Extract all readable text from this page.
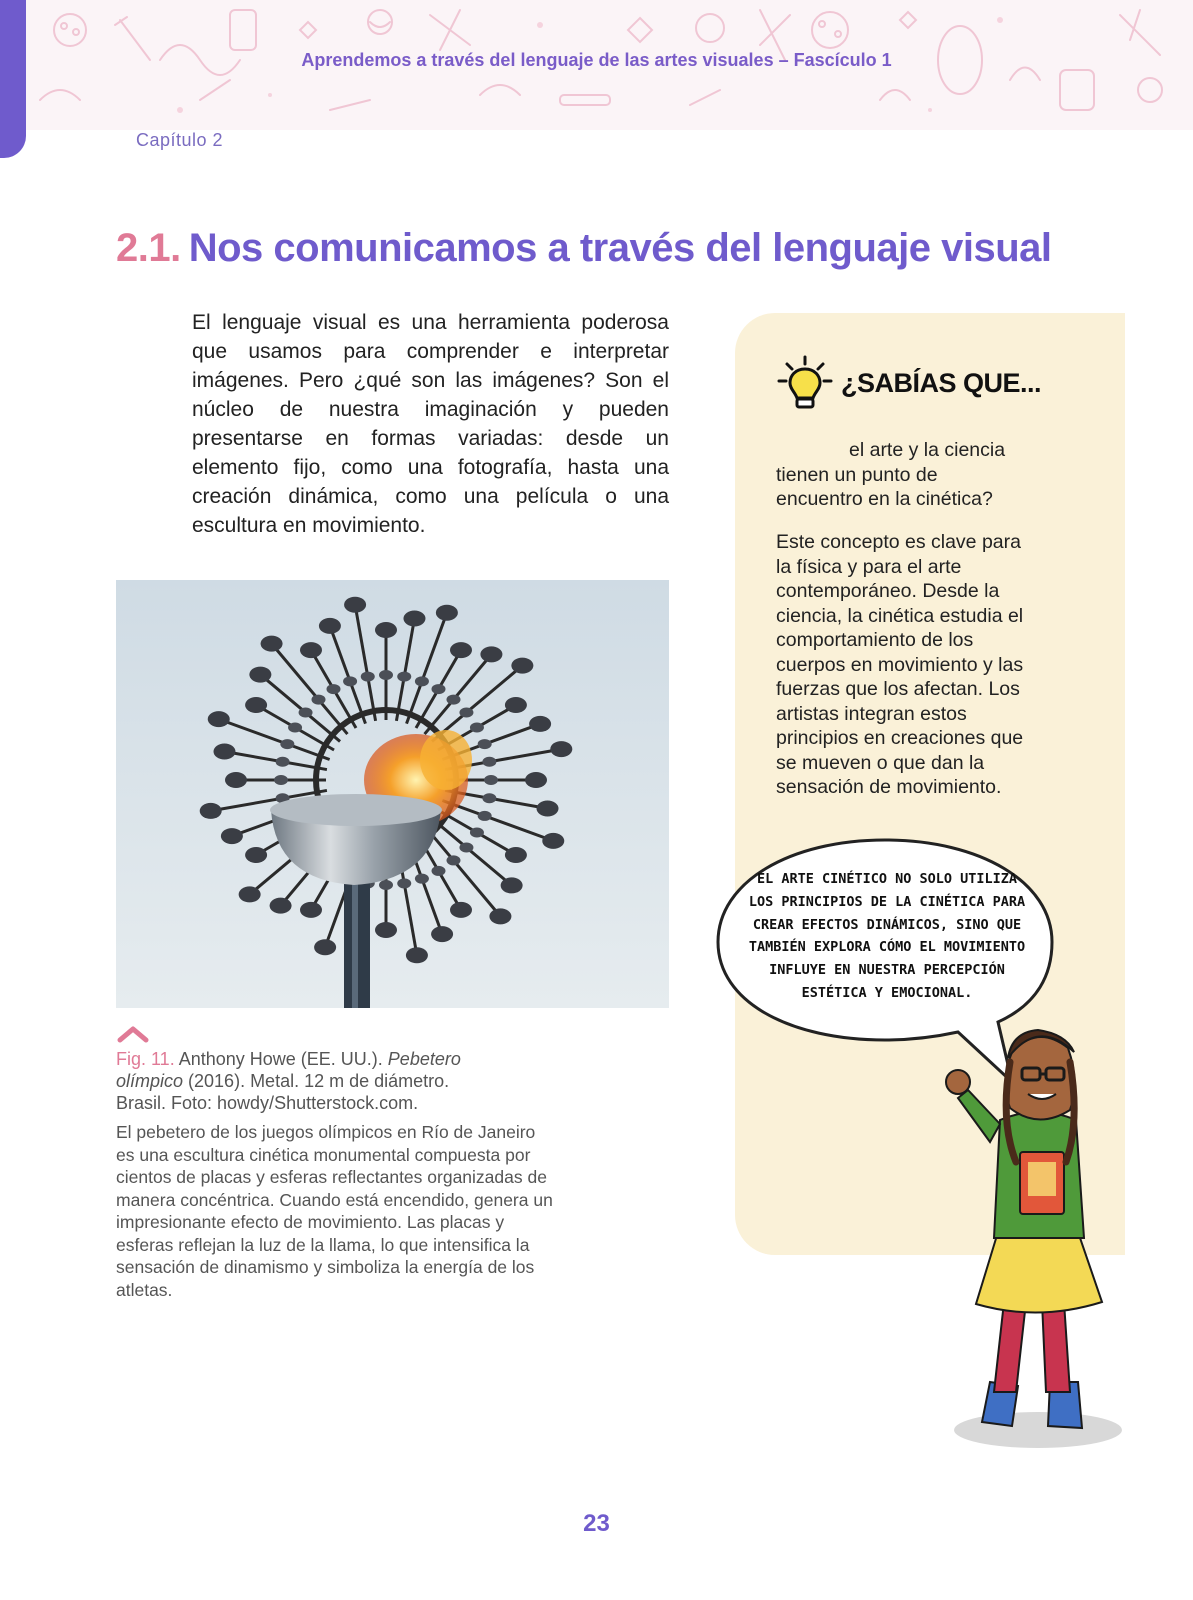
Aprendemos a través del lenguaje de las artes visuales – Fascículo 1
Capítulo 2
2.1. Nos comunicamos a través del lenguaje visual

El lenguaje visual es una herramienta poderosa que usamos para comprender e interpretar imágenes. Pero ¿qué son las imágenes? Son el núcleo de nuestra imaginación y pueden presentarse en formas variadas: desde un elemento fijo, como una fotografía, hasta una creación dinámica, como una película o una escultura en movimiento.

Fig. 11. Anthony Howe (EE. UU.). Pebetero olímpico (2016). Metal. 12 m de diámetro. Brasil. Foto: howdy/Shutterstock.com.

El pebetero de los juegos olímpicos en Río de Janeiro es una escultura cinética monumental compuesta por cientos de placas y esferas reflectantes organizadas de manera concéntrica. Cuando está encendido, genera un impresionante efecto de movimiento. Las placas y esferas reflejan la luz de la llama, lo que intensifica la sensación de dinamismo y simboliza la energía de los atletas.

¿SABÍAS QUE...

el arte y la ciencia tienen un punto de encuentro en la cinética?

Este concepto es clave para la física y para el arte contemporáneo. Desde la ciencia, la cinética estudia el comportamiento de los cuerpos en movimiento y las fuerzas que los afectan. Los artistas integran estos principios en creaciones que se mueven o que dan la sensación de movimiento.

EL ARTE CINÉTICO NO SOLO UTILIZA LOS PRINCIPIOS DE LA CINÉTICA PARA CREAR EFECTOS DINÁMICOS, SINO QUE TAMBIÉN EXPLORA CÓMO EL MOVIMIENTO INFLUYE EN NUESTRA PERCEPCIÓN ESTÉTICA Y EMOCIONAL.

23
